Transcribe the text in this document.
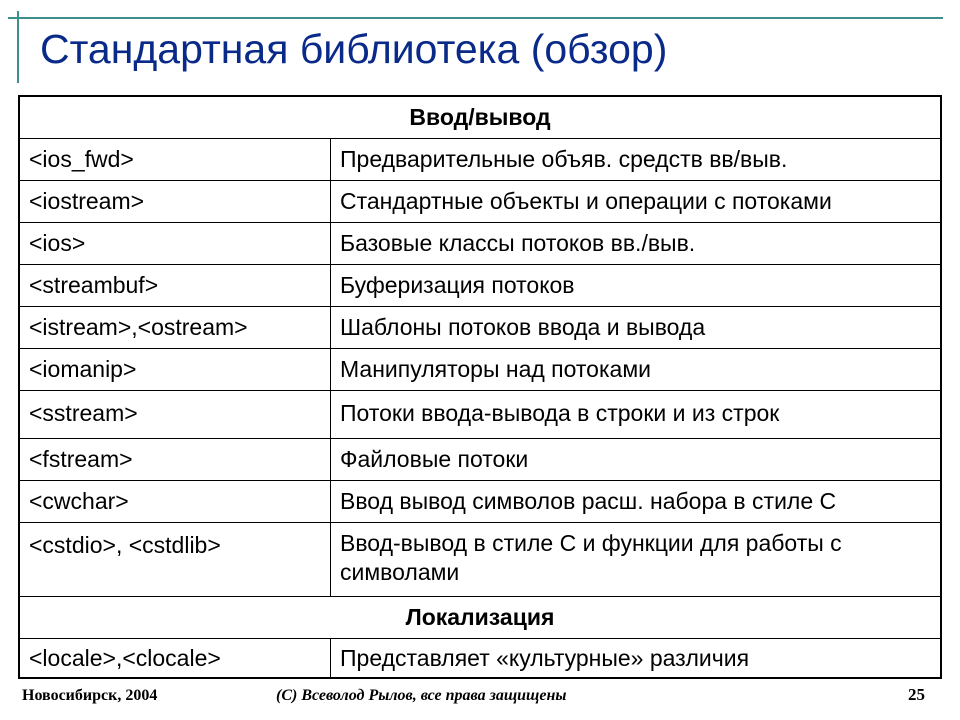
Стандартная библиотека (обзор)
Ввод/вывод	
<ios_fwd>	Предварительные объяв. средств вв/выв.
<iostream>	Стандартные объекты и операции с потоками
<ios>	Базовые классы потоков вв./выв.
<streambuf>	Буферизация потоков
<istream>,<ostream>	Шаблоны потоков ввода и вывода
<iomanip>	Манипуляторы над потоками
<sstream>	Потоки ввода-вывода в строки и из строк
<fstream>	Файловые потоки
<cwchar>	Ввод вывод символов расш. набора в стиле С
<cstdio>, <cstdlib>	Ввод-вывод в стиле С и функции для работы с символами
Локализация	
<locale>,<clocale>	Представляет «культурные» различия
Новосибирск, 2004	(С) Всеволод Рылов, все права защищены	25
